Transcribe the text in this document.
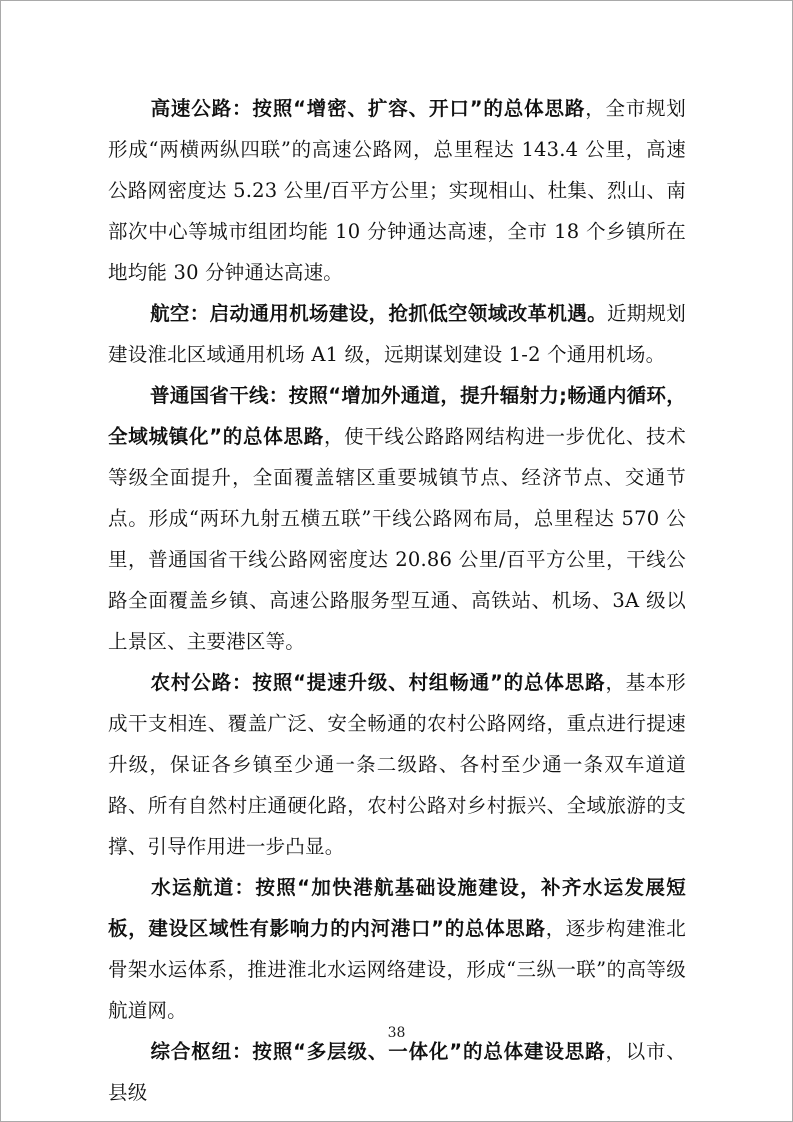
高速公路：按照“增密、扩容、开口”的总体思路，全市规划形成“两横两纵四联”的高速公路网，总里程达 143.4 公里，高速公路网密度达 5.23 公里/百平方公里；实现相山、杜集、烈山、南部次中心等城市组团均能 10 分钟通达高速，全市 18 个乡镇所在地均能 30 分钟通达高速。

航空：启动通用机场建设，抢抓低空领域改革机遇。近期规划建设淮北区域通用机场 A1 级，远期谋划建设 1-2 个通用机场。

普通国省干线：按照“增加外通道，提升辐射力;畅通内循环，全域城镇化”的总体思路，使干线公路路网结构进一步优化、技术等级全面提升，全面覆盖辖区重要城镇节点、经济节点、交通节点。形成“两环九射五横五联”干线公路网布局，总里程达 570 公里，普通国省干线公路网密度达 20.86 公里/百平方公里，干线公路全面覆盖乡镇、高速公路服务型互通、高铁站、机场、3A 级以上景区、主要港区等。

农村公路：按照“提速升级、村组畅通”的总体思路，基本形成干支相连、覆盖广泛、安全畅通的农村公路网络，重点进行提速升级，保证各乡镇至少通一条二级路、各村至少通一条双车道道路、所有自然村庄通硬化路，农村公路对乡村振兴、全域旅游的支撑、引导作用进一步凸显。

水运航道：按照“加快港航基础设施建设，补齐水运发展短板，建设区域性有影响力的内河港口”的总体思路，逐步构建淮北骨架水运体系，推进淮北水运网络建设，形成“三纵一联”的高等级航道网。

综合枢纽：按照“多层级、一体化”的总体建设思路，以市、县级

38
